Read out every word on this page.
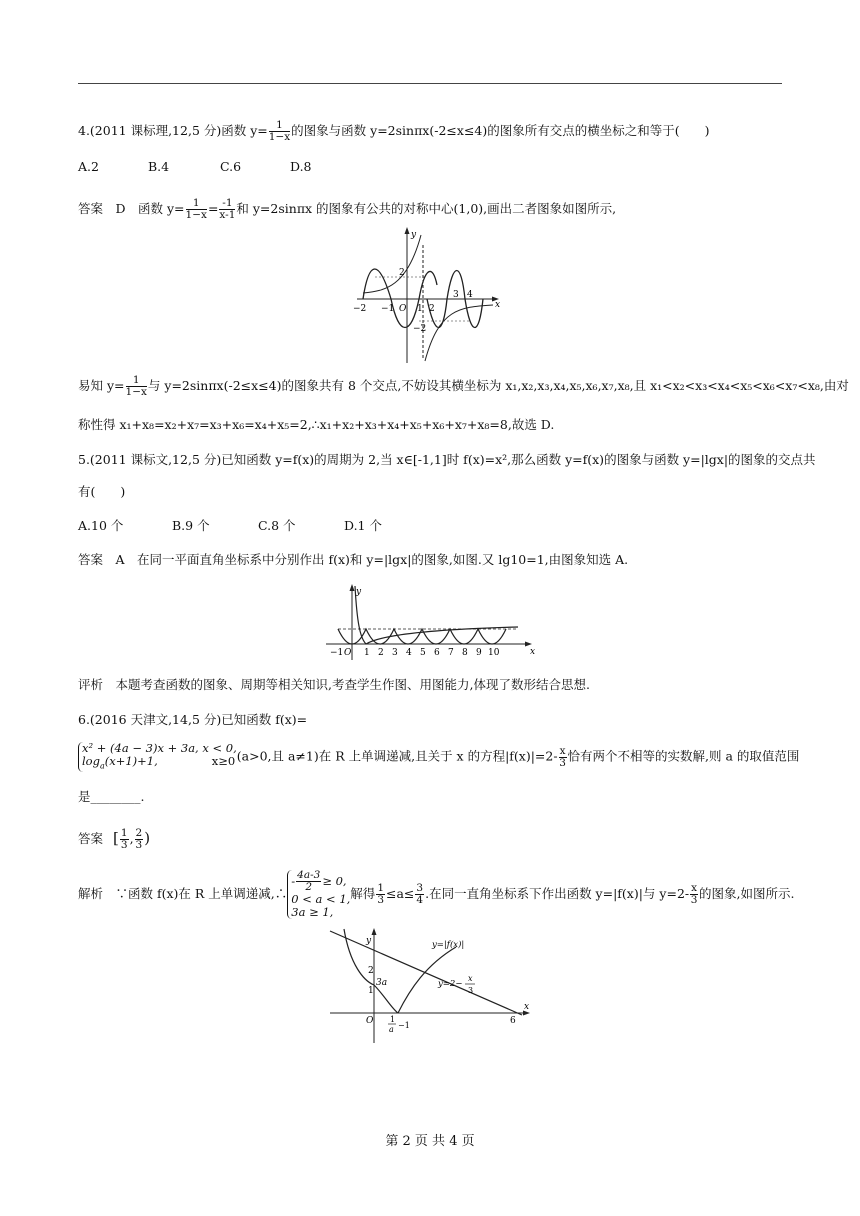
4.(2011 课标理,12,5 分)函数 $y= \frac{1}{1-x}$ 的图象与函数 y=2sinπx(-2≤x≤4)的图象所有交点的横坐标之和等于(　　)
A.2	B.4	C.6	D.8
答案　D　函数 $y= \frac{1}{1-x} = \frac{-1}{x-1}$ 和 y=2sinπx 的图象有公共的对称中心(1,0),画出二者图象如图所示,
y
x
2
−2 −1 O 1 2
3 4
−2
易知 $y= \frac{1}{1-x}$ 与 y=2sinπx(-2≤x≤4)的图象共有 8 个交点,不妨设其横坐标为 x₁,x₂,x₃,x₄,x₅,x₆,x₇,x₈,且 x₁<x₂<x₃<x₄<x₅<x₆<x₇<x₈,由对
称性得 x₁+x₈=x₂+x₇=x₃+x₆=x₄+x₅=2,∴x₁+x₂+x₃+x₄+x₅+x₆+x₇+x₈=8,故选 D.
5.(2011 课标文,12,5 分)已知函数 y=f(x)的周期为 2,当 x∈[-1,1]时 f(x)=x²,那么函数 y=f(x)的图象与函数 y=|lgx|的图象的交点共
有(　　)
A.10 个	B.9 个	C.8 个	D.1 个
答案　A　在同一平面直角坐标系中分别作出 f(x)和 y=|lgx|的图象,如图.又 lg10=1,由图象知选 A.
y
x
−1 O 1 2 3 4 5 6 7 8 9 10
评析　本题考查函数的图象、周期等相关知识,考查学生作图、用图能力,体现了数形结合思想.
6.(2016 天津文,14,5 分)已知函数 f(x)=
x² + (4a − 3)x + 3a, x < 0,
$\log_a(x+1)+1$,	x≥0 (a>0,且 a≠1)在 R 上单调递减,且关于 x 的方程$|f(x)|=2- \frac{x}{3}$ 恰有两个不相等的实数解,则 a 的取值范围
是________.
答案 [ $\frac{1}{3}$ , $\frac{2}{3}$ )
解析　∵函数 f(x)在 R 上单调递减,∴- $\frac{4a-3}{2} \ge 0$,
0 < a < 1,
3a ≥ 1,解得 $\frac{1}{3} \le a\le \frac{3}{4}$ .在同一直角坐标系下作出函数 y=|f(x)|与 $y=2- \frac{x}{3}$ 的图象,如图所示.
y
x
y=|f(x)|
y=2−
x
3
2
3a
1
O 1
a −1	6
第 2 页 共 4 页
